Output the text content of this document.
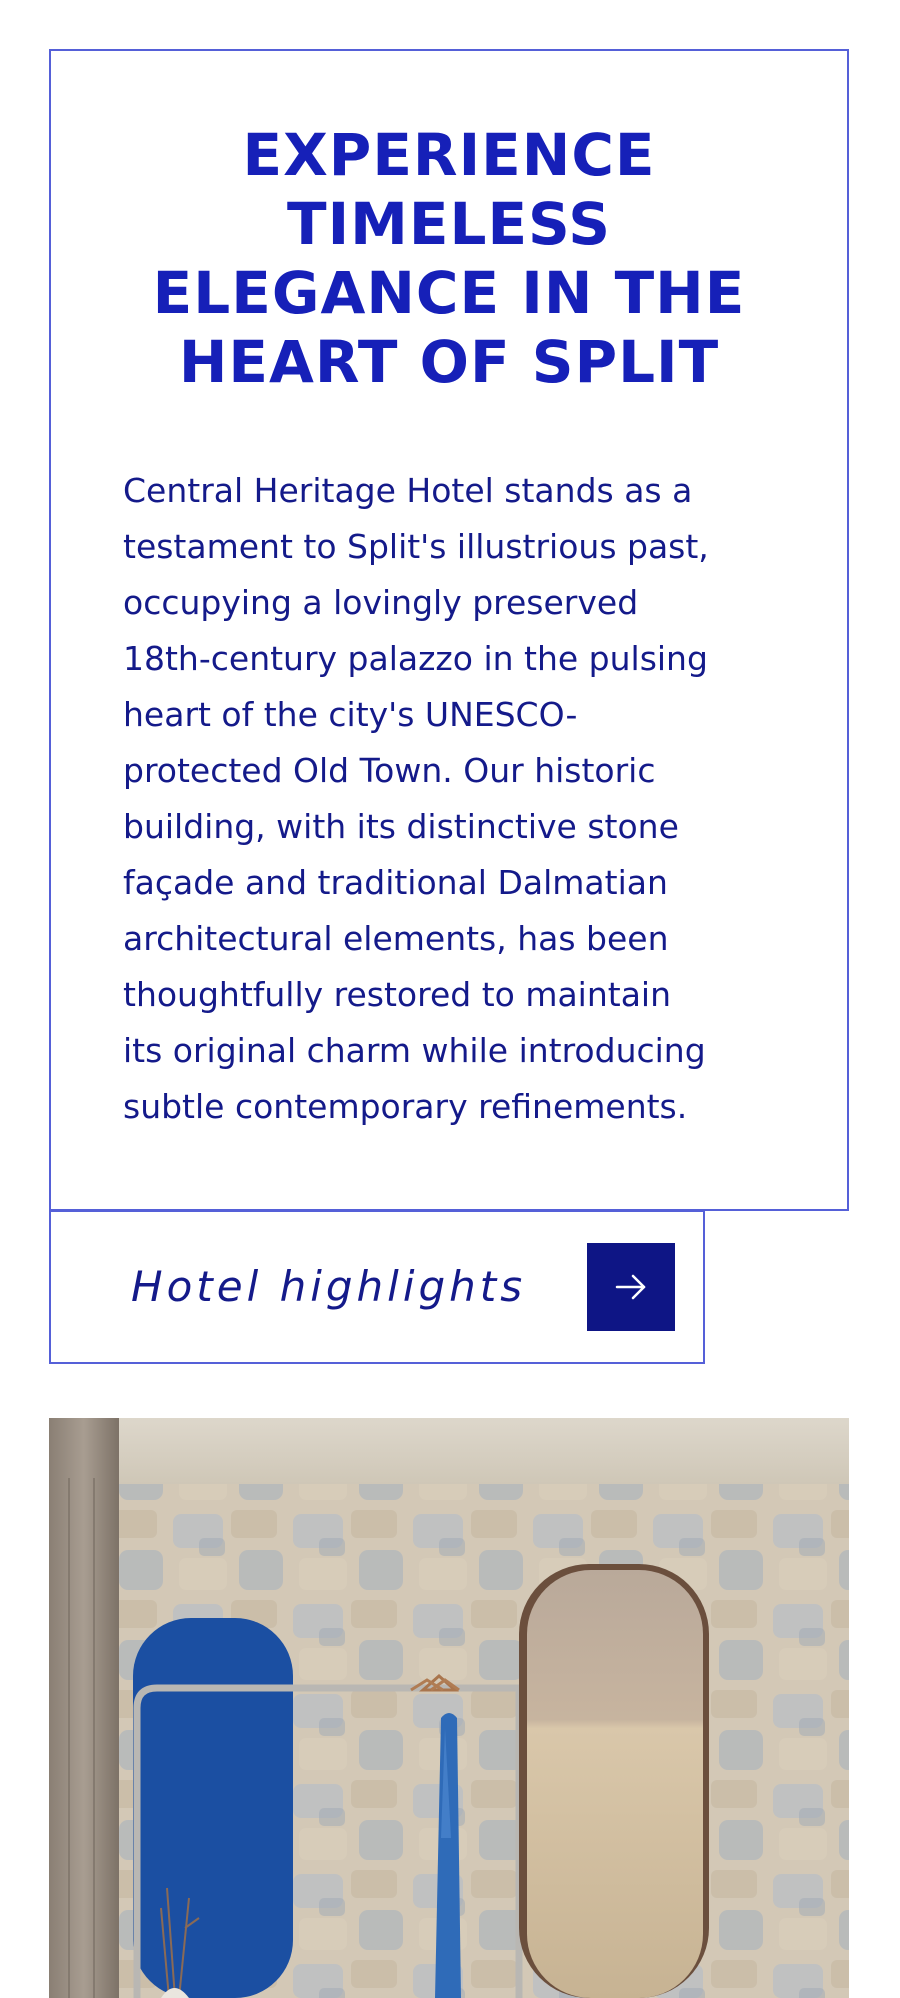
EXPERIENCE
TIMELESS
ELEGANCE IN THE
HEART OF SPLIT

Central Heritage Hotel stands as a
testament to Split's illustrious past,
occupying a lovingly preserved
18th-century palazzo in the pulsing
heart of the city's UNESCO-
protected Old Town. Our historic
building, with its distinctive stone
façade and traditional Dalmatian
architectural elements, has been
thoughtfully restored to maintain
its original charm while introducing
subtle contemporary refinements.

Hotel highlights
